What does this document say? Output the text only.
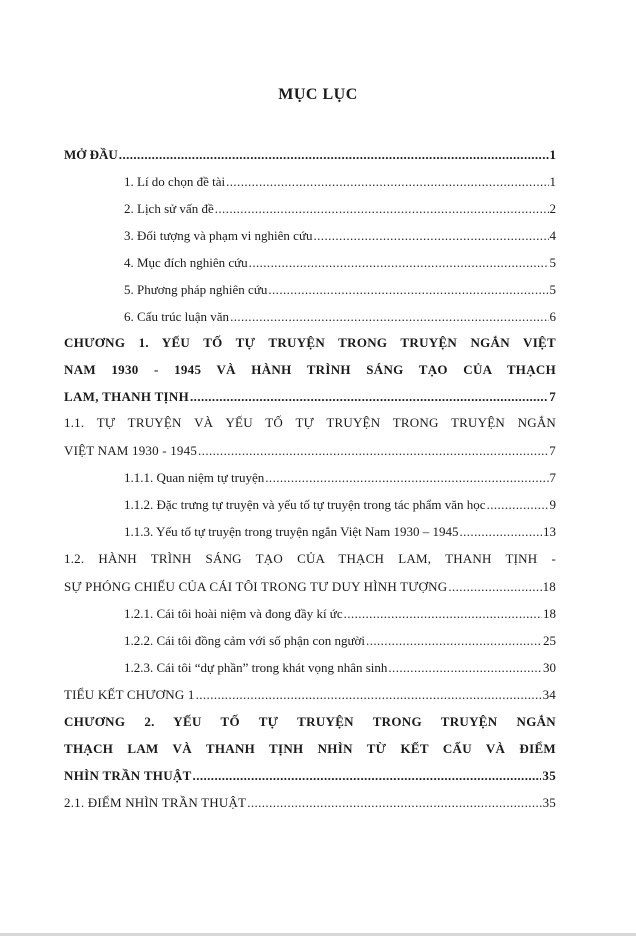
MỤC LỤC
MỞ ĐẦU .....	1
1. Lí do chọn đề tài .....	1
2. Lịch sử vấn đề .....	2
3. Đối tượng và phạm vi nghiên cứu .....	4
4. Mục đích nghiên cứu .....	5
5. Phương pháp nghiên cứu .....	5
6. Cấu trúc luận văn .....	6
CHƯƠNG 1. YẾU TỐ TỰ TRUYỆN TRONG TRUYỆN NGẮN VIỆT
NAM 1930 - 1945 VÀ HÀNH TRÌNH SÁNG TẠO CỦA THẠCH
LAM, THANH TỊNH .....	7
1.1. TỰ TRUYỆN VÀ YẾU TỐ TỰ TRUYỆN TRONG TRUYỆN NGẮN
VIỆT NAM 1930 - 1945 .....	7
1.1.1. Quan niệm tự truyện .....	7
1.1.2. Đặc trưng tự truyện và yếu tố tự truyện trong tác phẩm văn học .....	9
1.1.3. Yếu tố tự truyện trong truyện ngắn Việt Nam 1930 – 1945 .....	13
1.2. HÀNH TRÌNH SÁNG TẠO CỦA THẠCH LAM, THANH TỊNH -
SỰ PHÓNG CHIẾU CỦA CÁI TÔI TRONG TƯ DUY HÌNH TƯỢNG .....	18
1.2.1. Cái tôi hoài niệm và đong đầy kí ức .....	18
1.2.2. Cái tôi đồng cảm với số phận con người .....	25
1.2.3. Cái tôi “dự phần” trong khát vọng nhân sinh .....	30
TIỂU KẾT CHƯƠNG 1 .....	34
CHƯƠNG 2. YẾU TỐ TỰ TRUYỆN TRONG TRUYỆN NGẮN
THẠCH LAM VÀ THANH TỊNH NHÌN TỪ KẾT CẤU VÀ ĐIỂM
NHÌN TRẦN THUẬT .....	35
2.1. ĐIỂM NHÌN TRẦN THUẬT .....	35
